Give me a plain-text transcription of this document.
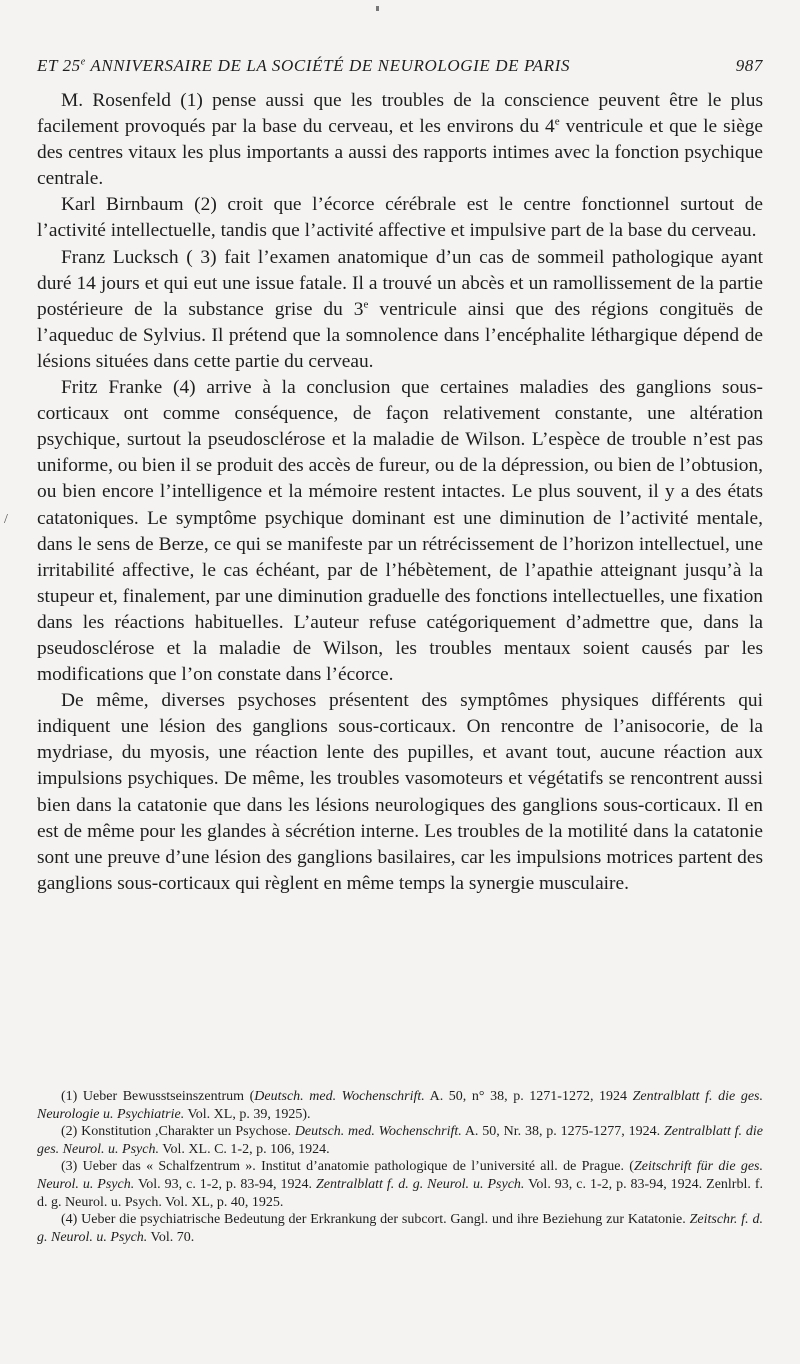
/
ET 25e ANNIVERSAIRE DE LA SOCIÉTÉ DE NEUROLOGIE DE PARIS	987

M. Rosenfeld (1) pense aussi que les troubles de la conscience peuvent être le plus facilement provoqués par la base du cerveau, et les environs du 4e ventricule et que le siège des centres vitaux les plus importants a aussi des rapports intimes avec la fonction psychique centrale.

Karl Birnbaum (2) croit que l’écorce cérébrale est le centre fonctionnel surtout de l’activité intellectuelle, tandis que l’activité affective et impulsive part de la base du cerveau.

Franz Lucksch ( 3) fait l’examen anatomique d’un cas de sommeil pathologique ayant duré 14 jours et qui eut une issue fatale. Il a trouvé un abcès et un ramollissement de la partie postérieure de la substance grise du 3e ventricule ainsi que des régions congituës de l’aqueduc de Sylvius. Il prétend que la somnolence dans l’encéphalite léthargique dépend de lésions situées dans cette partie du cerveau.

Fritz Franke (4) arrive à la conclusion que certaines maladies des ganglions sous-corticaux ont comme conséquence, de façon relativement constante, une altération psychique, surtout la pseudosclérose et la maladie de Wilson. L’espèce de trouble n’est pas uniforme, ou bien il se produit des accès de fureur, ou de la dépression, ou bien de l’obtusion, ou bien encore l’intelligence et la mémoire restent intactes. Le plus souvent, il y a des états catatoniques. Le symptôme psychique dominant est une diminution de l’activité mentale, dans le sens de Berze, ce qui se manifeste par un rétrécissement de l’horizon intellectuel, une irritabilité affective, le cas échéant, par de l’hébètement, de l’apathie atteignant jusqu’à la stupeur et, finalement, par une diminution graduelle des fonctions intellectuelles, une fixation dans les réactions habituelles. L’auteur refuse catégoriquement d’admettre que, dans la pseudosclérose et la maladie de Wilson, les troubles mentaux soient causés par les modifications que l’on constate dans l’écorce.

De même, diverses psychoses présentent des symptômes physiques différents qui indiquent une lésion des ganglions sous-corticaux. On rencontre de l’anisocorie, de la mydriase, du myosis, une réaction lente des pupilles, et avant tout, aucune réaction aux impulsions psychiques. De même, les troubles vasomoteurs et végétatifs se rencontrent aussi bien dans la catatonie que dans les lésions neurologiques des ganglions sous-corticaux. Il en est de même pour les glandes à sécrétion interne. Les troubles de la motilité dans la catatonie sont une preuve d’une lésion des ganglions basilaires, car les impulsions motrices partent des ganglions sous-corticaux qui règlent en même temps la synergie musculaire.

(1) Ueber Bewusstseinszentrum (Deutsch. med. Wochenschrift. A. 50, n° 38, p. 1271-1272, 1924 Zentralblatt f. die ges. Neurologie u. Psychiatrie. Vol. XL, p. 39, 1925).

(2) Konstitution ,Charakter un Psychose. Deutsch. med. Wochenschrift. A. 50, Nr. 38, p. 1275-1277, 1924. Zentralblatt f. die ges. Neurol. u. Psych. Vol. XL. C. 1-2, p. 106, 1924.

(3) Ueber das « Schalfzentrum ». Institut d’anatomie pathologique de l’université all. de Prague. (Zeitschrift für die ges. Neurol. u. Psych. Vol. 93, c. 1-2, p. 83-94, 1924. Zentralblatt f. d. g. Neurol. u. Psych. Vol. 93, c. 1-2, p. 83-94, 1924. Zenlrbl. f. d. g. Neurol. u. Psych. Vol. XL, p. 40, 1925.

(4) Ueber die psychiatrische Bedeutung der Erkrankung der subcort. Gangl. und ihre Beziehung zur Katatonie. Zeitschr. f. d. g. Neurol. u. Psych. Vol. 70.
